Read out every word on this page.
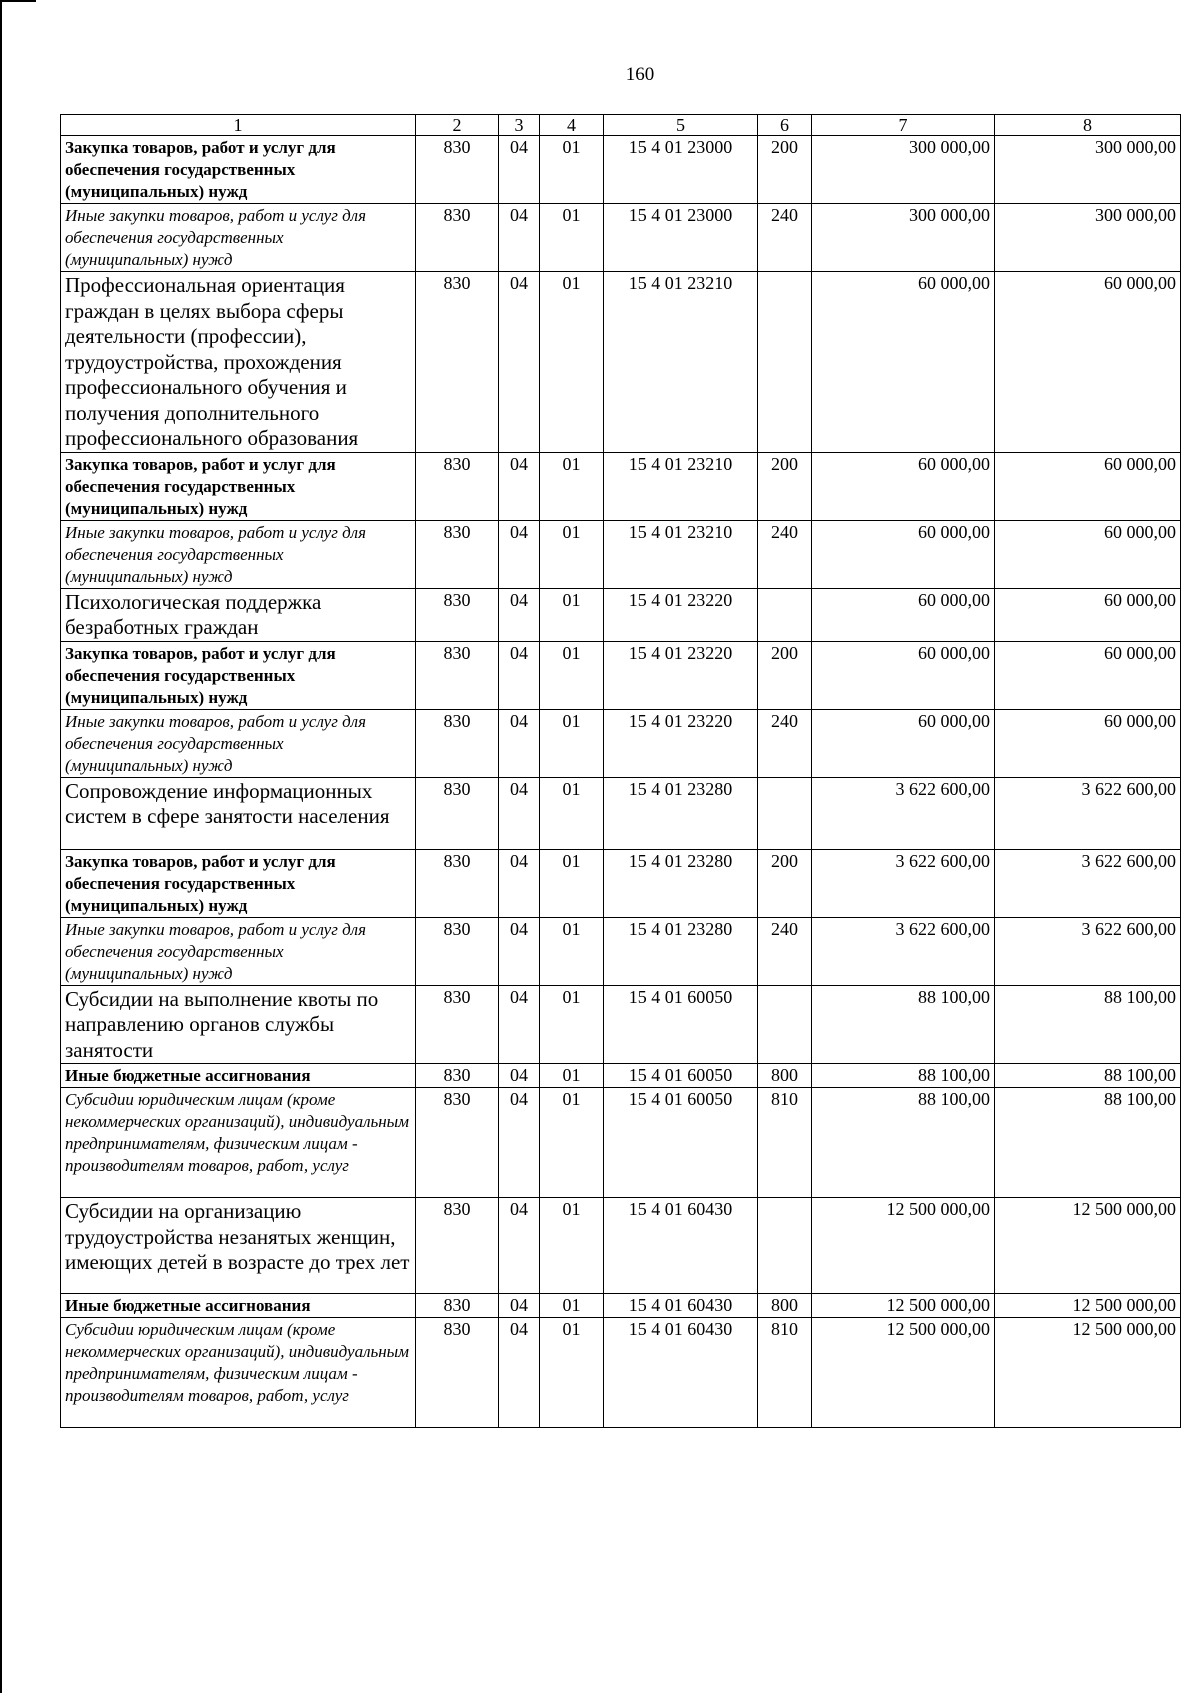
160
1	2	3	4	5	6	7	8
Закупка товаров, работ и услуг для обеспечения государственных (муниципальных) нужд	830	04	01	15 4 01 23000	200	300 000,00	300 000,00
Иные закупки товаров, работ и услуг для обеспечения государственных (муниципальных) нужд	830	04	01	15 4 01 23000	240	300 000,00	300 000,00
Профессиональная ориентация граждан в целях выбора сферы деятельности (профессии), трудоустройства, прохождения профессионального обучения и получения дополнительного профессионального образования	830	04	01	15 4 01 23210		60 000,00	60 000,00
Закупка товаров, работ и услуг для обеспечения государственных (муниципальных) нужд	830	04	01	15 4 01 23210	200	60 000,00	60 000,00
Иные закупки товаров, работ и услуг для обеспечения государственных (муниципальных) нужд	830	04	01	15 4 01 23210	240	60 000,00	60 000,00
Психологическая поддержка безработных граждан	830	04	01	15 4 01 23220		60 000,00	60 000,00
Закупка товаров, работ и услуг для обеспечения государственных (муниципальных) нужд	830	04	01	15 4 01 23220	200	60 000,00	60 000,00
Иные закупки товаров, работ и услуг для обеспечения государственных (муниципальных) нужд	830	04	01	15 4 01 23220	240	60 000,00	60 000,00
Сопровождение информационных систем в сфере занятости населения	830	04	01	15 4 01 23280		3 622 600,00	3 622 600,00
Закупка товаров, работ и услуг для обеспечения государственных (муниципальных) нужд	830	04	01	15 4 01 23280	200	3 622 600,00	3 622 600,00
Иные закупки товаров, работ и услуг для обеспечения государственных (муниципальных) нужд	830	04	01	15 4 01 23280	240	3 622 600,00	3 622 600,00
Субсидии на выполнение квоты по направлению органов службы занятости	830	04	01	15 4 01 60050		88 100,00	88 100,00
Иные бюджетные ассигнования	830	04	01	15 4 01 60050	800	88 100,00	88 100,00
Субсидии юридическим лицам (кроме некоммерческих организаций), индивидуальным предпринимателям, физическим лицам - производителям товаров, работ, услуг	830	04	01	15 4 01 60050	810	88 100,00	88 100,00
Субсидии на организацию трудоустройства незанятых женщин, имеющих детей в возрасте до трех лет	830	04	01	15 4 01 60430		12 500 000,00	12 500 000,00
Иные бюджетные ассигнования	830	04	01	15 4 01 60430	800	12 500 000,00	12 500 000,00
Субсидии юридическим лицам (кроме некоммерческих организаций), индивидуальным предпринимателям, физическим лицам - производителям товаров, работ, услуг	830	04	01	15 4 01 60430	810	12 500 000,00	12 500 000,00
